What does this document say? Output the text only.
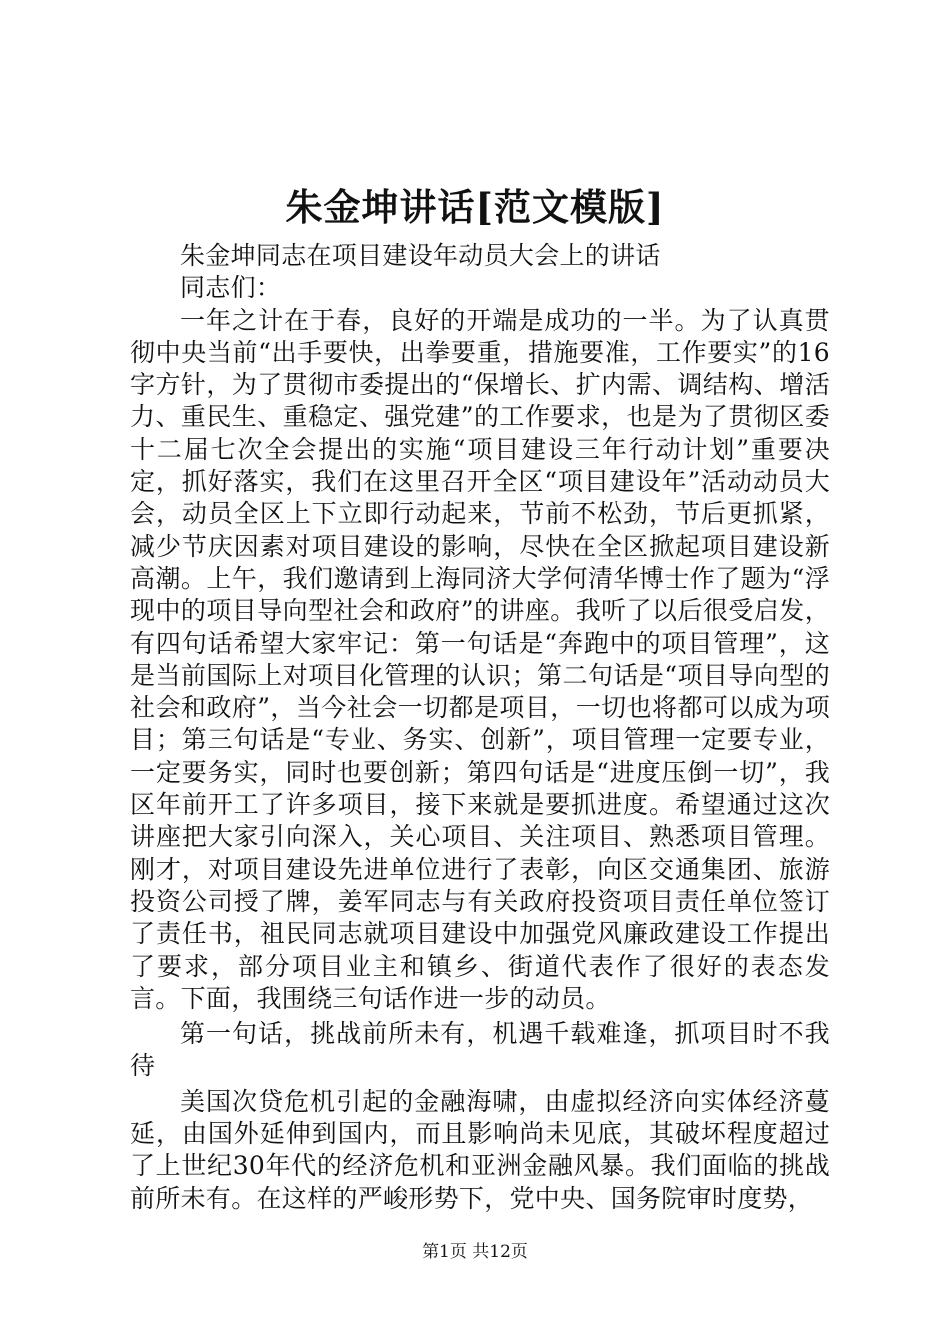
朱金坤讲话[范文模版]

朱金坤同志在项目建设年动员大会上的讲话

同志们：

一年之计在于春，良好的开端是成功的一半。为了认真贯彻中央当前“出手要快，出拳要重，措施要准，工作要实”的16字方针，为了贯彻市委提出的“保增长、扩内需、调结构、增活力、重民生、重稳定、强党建”的工作要求，也是为了贯彻区委十二届七次全会提出的实施“项目建设三年行动计划”重要决定，抓好落实，我们在这里召开全区“项目建设年”活动动员大会，动员全区上下立即行动起来，节前不松劲，节后更抓紧，减少节庆因素对项目建设的影响，尽快在全区掀起项目建设新高潮。上午，我们邀请到上海同济大学何清华博士作了题为“浮现中的项目导向型社会和政府”的讲座。我听了以后很受启发，有四句话希望大家牢记：第一句话是“奔跑中的项目管理”，这是当前国际上对项目化管理的认识；第二句话是“项目导向型的社会和政府”，当今社会一切都是项目，一切也将都可以成为项目；第三句话是“专业、务实、创新”，项目管理一定要专业，一定要务实，同时也要创新；第四句话是“进度压倒一切”，我区年前开工了许多项目，接下来就是要抓进度。希望通过这次讲座把大家引向深入，关心项目、关注项目、熟悉项目管理。刚才，对项目建设先进单位进行了表彰，向区交通集团、旅游投资公司授了牌，姜军同志与有关政府投资项目责任单位签订了责任书，祖民同志就项目建设中加强党风廉政建设工作提出了要求，部分项目业主和镇乡、街道代表作了很好的表态发言。下面，我围绕三句话作进一步的动员。

第一句话，挑战前所未有，机遇千载难逢，抓项目时不我待

美国次贷危机引起的金融海啸，由虚拟经济向实体经济蔓延，由国外延伸到国内，而且影响尚未见底，其破坏程度超过了上世纪30年代的经济危机和亚洲金融风暴。我们面临的挑战前所未有。在这样的严峻形势下，党中央、国务院审时度势，

第1页 共12页
